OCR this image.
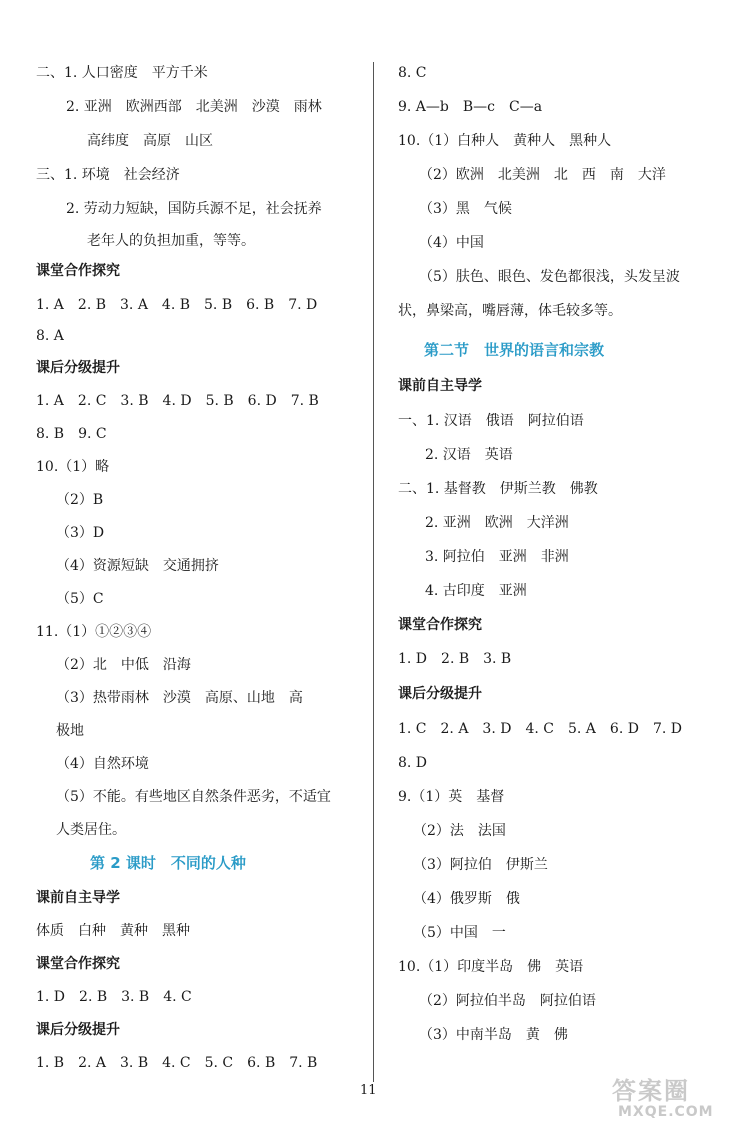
二、1. 人口密度　平方千米
2. 亚洲　欧洲西部　北美洲　沙漠　雨林
高纬度　高原　山区
三、1. 环境　社会经济
2. 劳动力短缺，国防兵源不足，社会抚养
老年人的负担加重，等等。
课堂合作探究
1. A　2. B　3. A　4. B　5. B　6. B　7. D
8. A
课后分级提升
1. A　2. C　3. B　4. D　5. B　6. D　7. B
8. B　9. C
10.（1）略
（2）B
（3）D
（4）资源短缺　交通拥挤
（5）C
11.（1）①②③④
（2）北　中低　沿海
（3）热带雨林　沙漠　高原、山地　高
极地
（4）自然环境
（5）不能。有些地区自然条件恶劣，不适宜
人类居住。
第 2 课时　不同的人种
课前自主导学
体质　白种　黄种　黑种
课堂合作探究
1. D　2. B　3. B　4. C
课后分级提升
1. B　2. A　3. B　4. C　5. C　6. B　7. B
8. C
9. A—b　B—c　C—a
10.（1）白种人　黄种人　黑种人
（2）欧洲　北美洲　北　西　南　大洋
（3）黑　气候
（4）中国
（5）肤色、眼色、发色都很浅，头发呈波
状，鼻梁高，嘴唇薄，体毛较多等。
第二节　世界的语言和宗教
课前自主导学
一、1. 汉语　俄语　阿拉伯语
2. 汉语　英语
二、1. 基督教　伊斯兰教　佛教
2. 亚洲　欧洲　大洋洲
3. 阿拉伯　亚洲　非洲
4. 古印度　亚洲
课堂合作探究
1. D　2. B　3. B
课后分级提升
1. C　2. A　3. D　4. C　5. A　6. D　7. D
8. D
9.（1）英　基督
（2）法　法国
（3）阿拉伯　伊斯兰
（4）俄罗斯　俄
（5）中国　一
10.（1）印度半岛　佛　英语
（2）阿拉伯半岛　阿拉伯语
（3）中南半岛　黄　佛
11	答案圈
MXQE.COM
